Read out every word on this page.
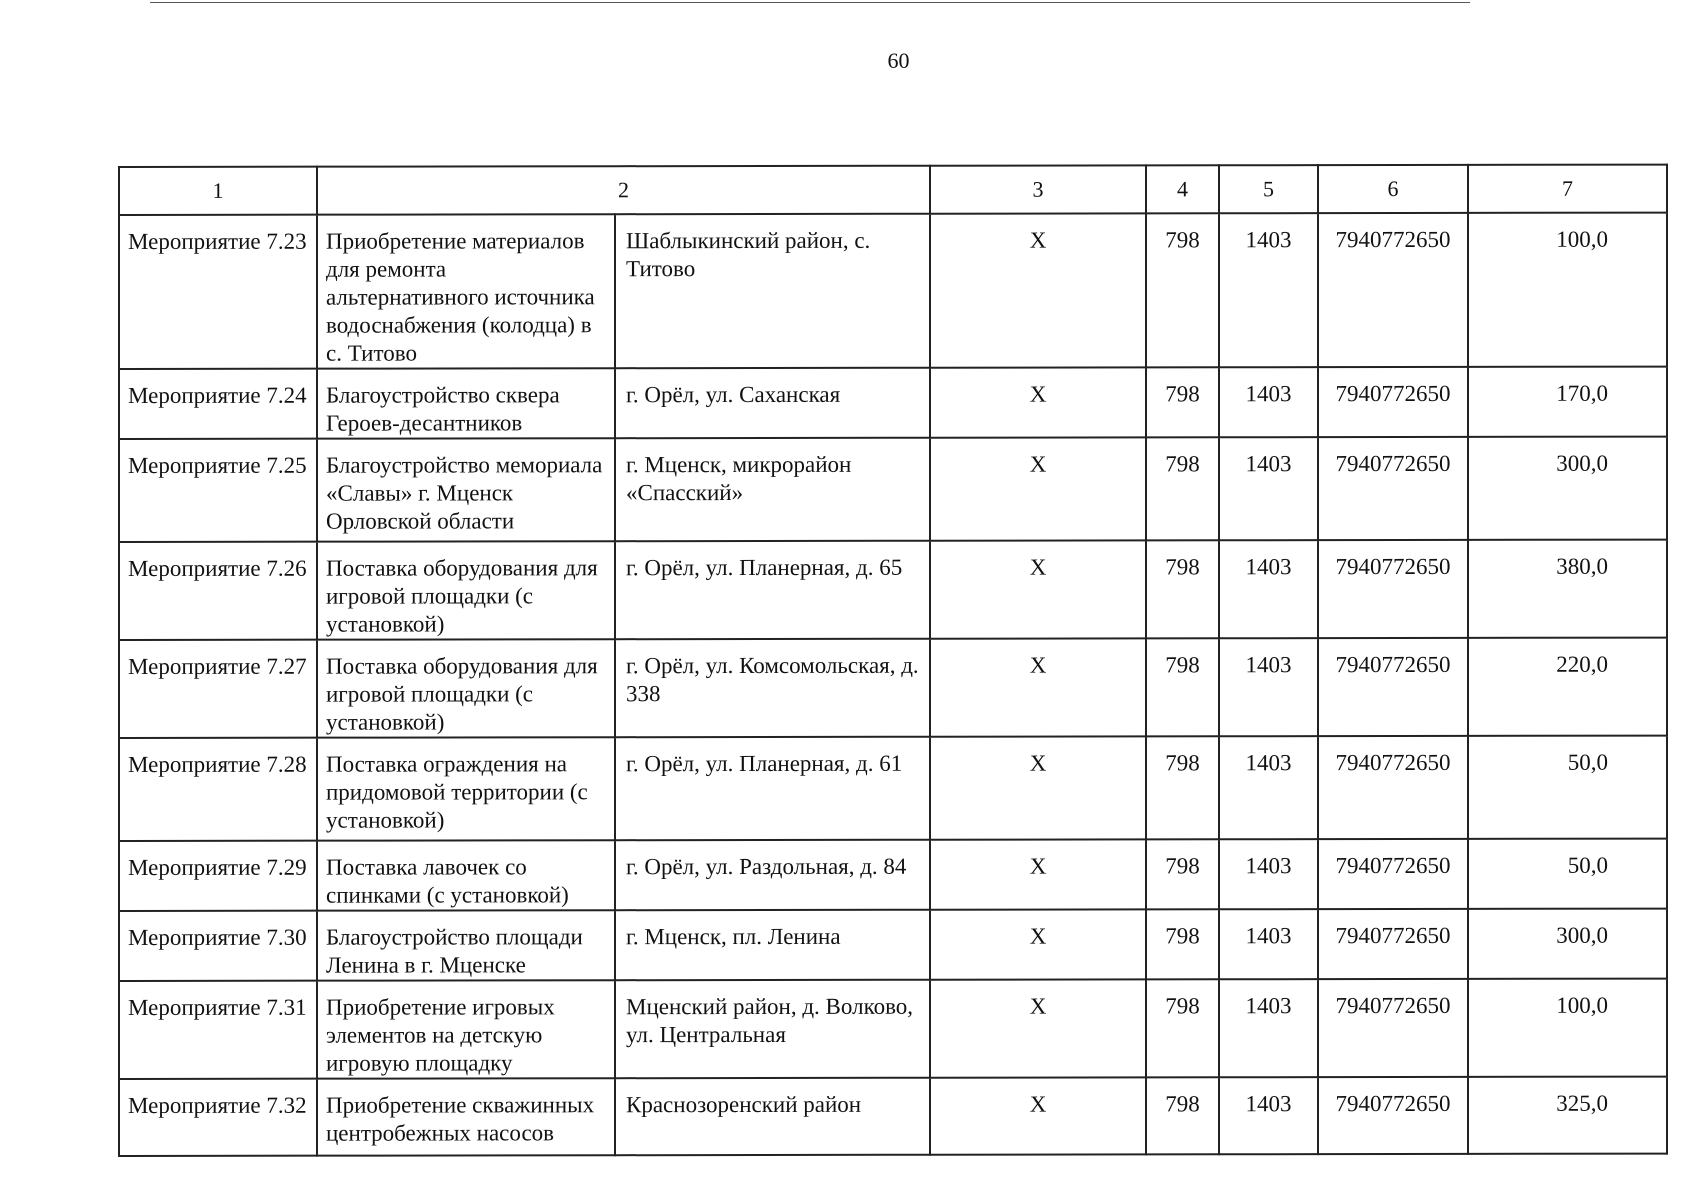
60
1	2		3	4	5	6	7
Мероприятие 7.23	Приобретение материалов для ремонта альтернативного источника водоснабжения (колодца) в с. Титово	Шаблыкинский район, с. Титово	Х	798	1403	7940772650	100,0
Мероприятие 7.24	Благоустройство сквера Героев-десантников	г. Орёл, ул. Саханская	Х	798	1403	7940772650	170,0
Мероприятие 7.25	Благоустройство мемориала «Славы» г. Мценск Орловской области	г. Мценск, микрорайон «Спасский»	Х	798	1403	7940772650	300,0
Мероприятие 7.26	Поставка оборудования для игровой площадки (с установкой)	г. Орёл, ул. Планерная, д. 65	Х	798	1403	7940772650	380,0
Мероприятие 7.27	Поставка оборудования для игровой площадки (с установкой)	г. Орёл, ул. Комсомольская, д. 338	Х	798	1403	7940772650	220,0
Мероприятие 7.28	Поставка ограждения на придомовой территории (с установкой)	г. Орёл, ул. Планерная, д. 61	Х	798	1403	7940772650	50,0
Мероприятие 7.29	Поставка лавочек со спинками (с установкой)	г. Орёл, ул. Раздольная, д. 84	Х	798	1403	7940772650	50,0
Мероприятие 7.30	Благоустройство площади Ленина в г. Мценске	г. Мценск, пл. Ленина	Х	798	1403	7940772650	300,0
Мероприятие 7.31	Приобретение игровых элементов на детскую игровую площадку	Мценский район, д. Волково, ул. Центральная	Х	798	1403	7940772650	100,0
Мероприятие 7.32	Приобретение скважинных центробежных насосов	Краснозоренский район	Х	798	1403	7940772650	325,0
